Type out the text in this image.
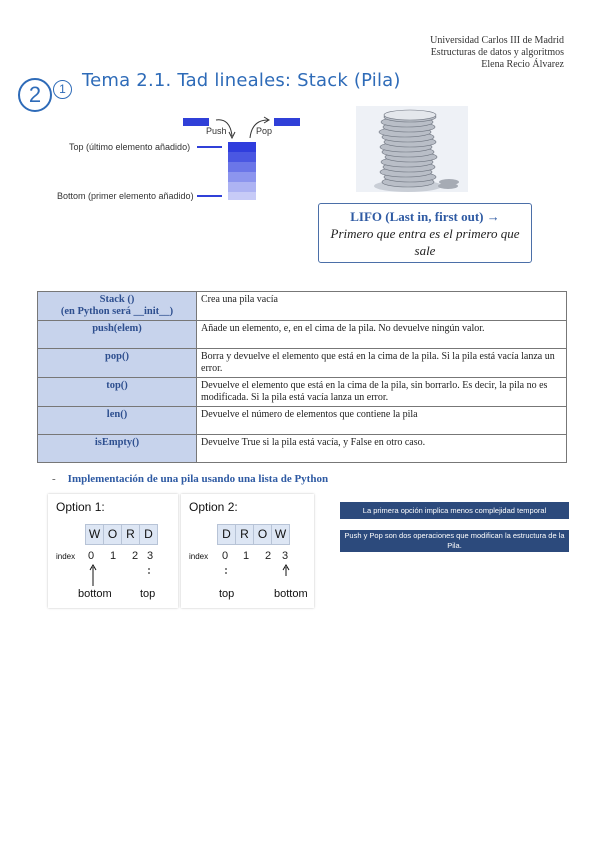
Universidad Carlos III de Madrid
Estructuras de datos y algoritmos
Elena Recio Álvarez
2	1 Tema 2.1. Tad lineales: Stack (Pila)
Push	Pop
Top (último elemento añadido)
Bottom (primer elemento añadido)
LIFO (Last in, first out) →
Primero que entra es el primero que sale
Stack ()
(en Python será __init__)	Crea una pila vacía
push(elem)	Añade un elemento, e, en el cima de la pila. No devuelve ningún valor.
pop()	Borra y devuelve el elemento que está en la cima de la pila. Si la pila está vacía lanza un error.
top()	Devuelve el elemento que está en la cima de la pila, sin borrarlo. Es decir, la pila no es modificada. Si la pila está vacía lanza un error.
len()	Devuelve el número de elementos que contiene la pila
isEmpty()	Devuelve True si la pila está vacía, y False en otro caso.
- Implementación de una pila usando una lista de Python
Option 1:
W O R D
index 0 1 2 3
bottom	top
Option 2:
D R O W
index 0 1 2 3
top	bottom
La primera opción implica menos complejidad temporal
Push y Pop son dos operaciones que modifican la estructura de la Pila.
